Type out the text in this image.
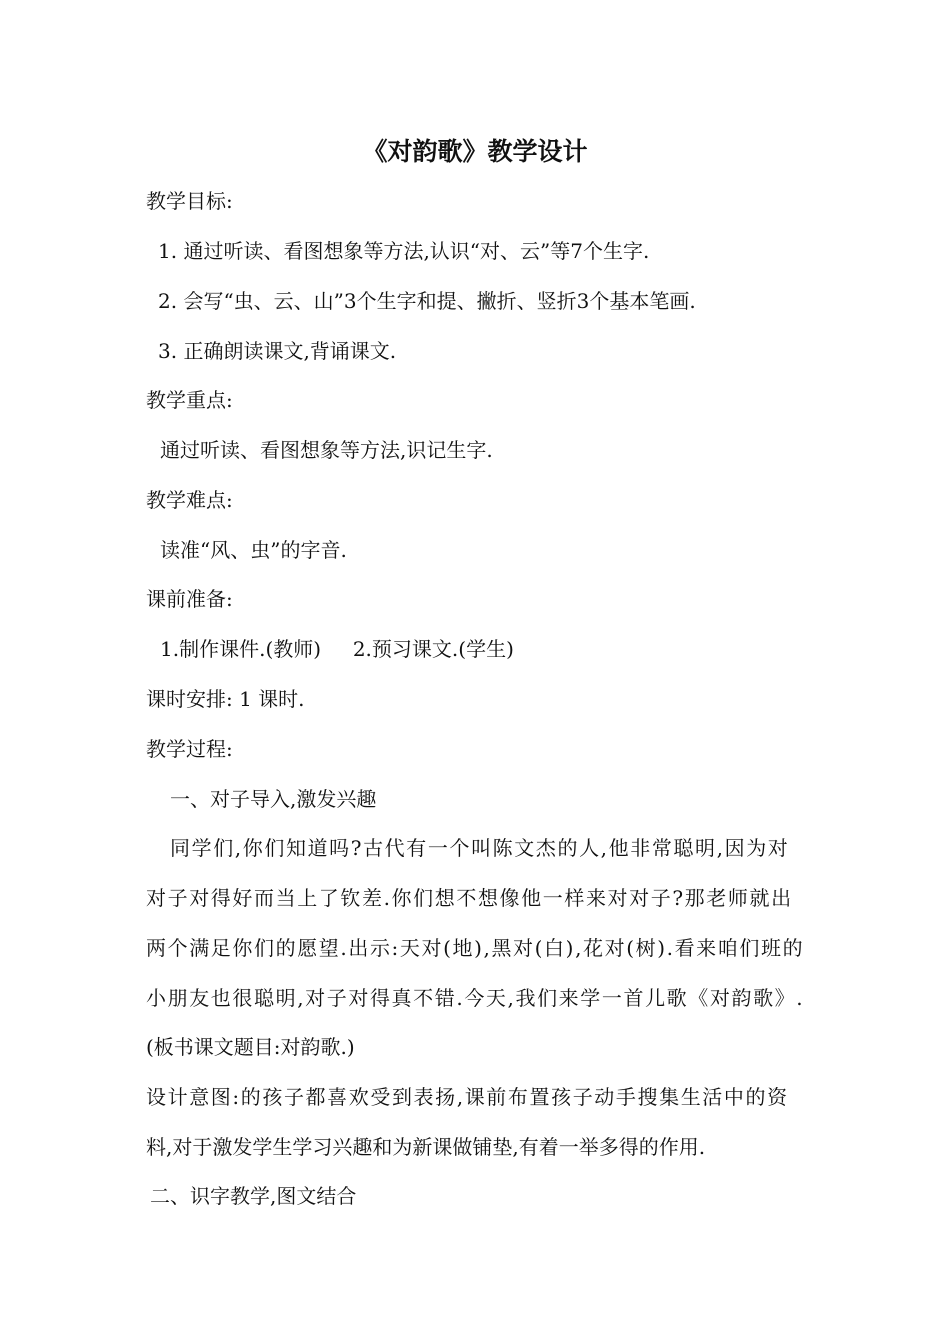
《对韵歌》教学设计
教学目标:
1. 通过听读、看图想象等方法,认识“对、云”等7个生字.
2. 会写“虫、云、山”3个生字和提、撇折、竖折3个基本笔画.
3. 正确朗读课文,背诵课文.
教学重点:
通过听读、看图想象等方法,识记生字.
教学难点:
读准“风、虫”的字音.
课前准备:
1.制作课件.(教师)     2.预习课文.(学生)
课时安排: 1 课时.
教学过程:
一、对子导入,激发兴趣
同学们,你们知道吗?古代有一个叫陈文杰的人,他非常聪明,因为对
对子对得好而当上了钦差.你们想不想像他一样来对对子?那老师就出
两个满足你们的愿望.出示:天对(地),黑对(白),花对(树).看来咱们班的
小朋友也很聪明,对子对得真不错.今天,我们来学一首儿歌《对韵歌》.
(板书课文题目:对韵歌.)
设计意图:的孩子都喜欢受到表扬,课前布置孩子动手搜集生活中的资
料,对于激发学生学习兴趣和为新课做铺垫,有着一举多得的作用.
二、识字教学,图文结合
